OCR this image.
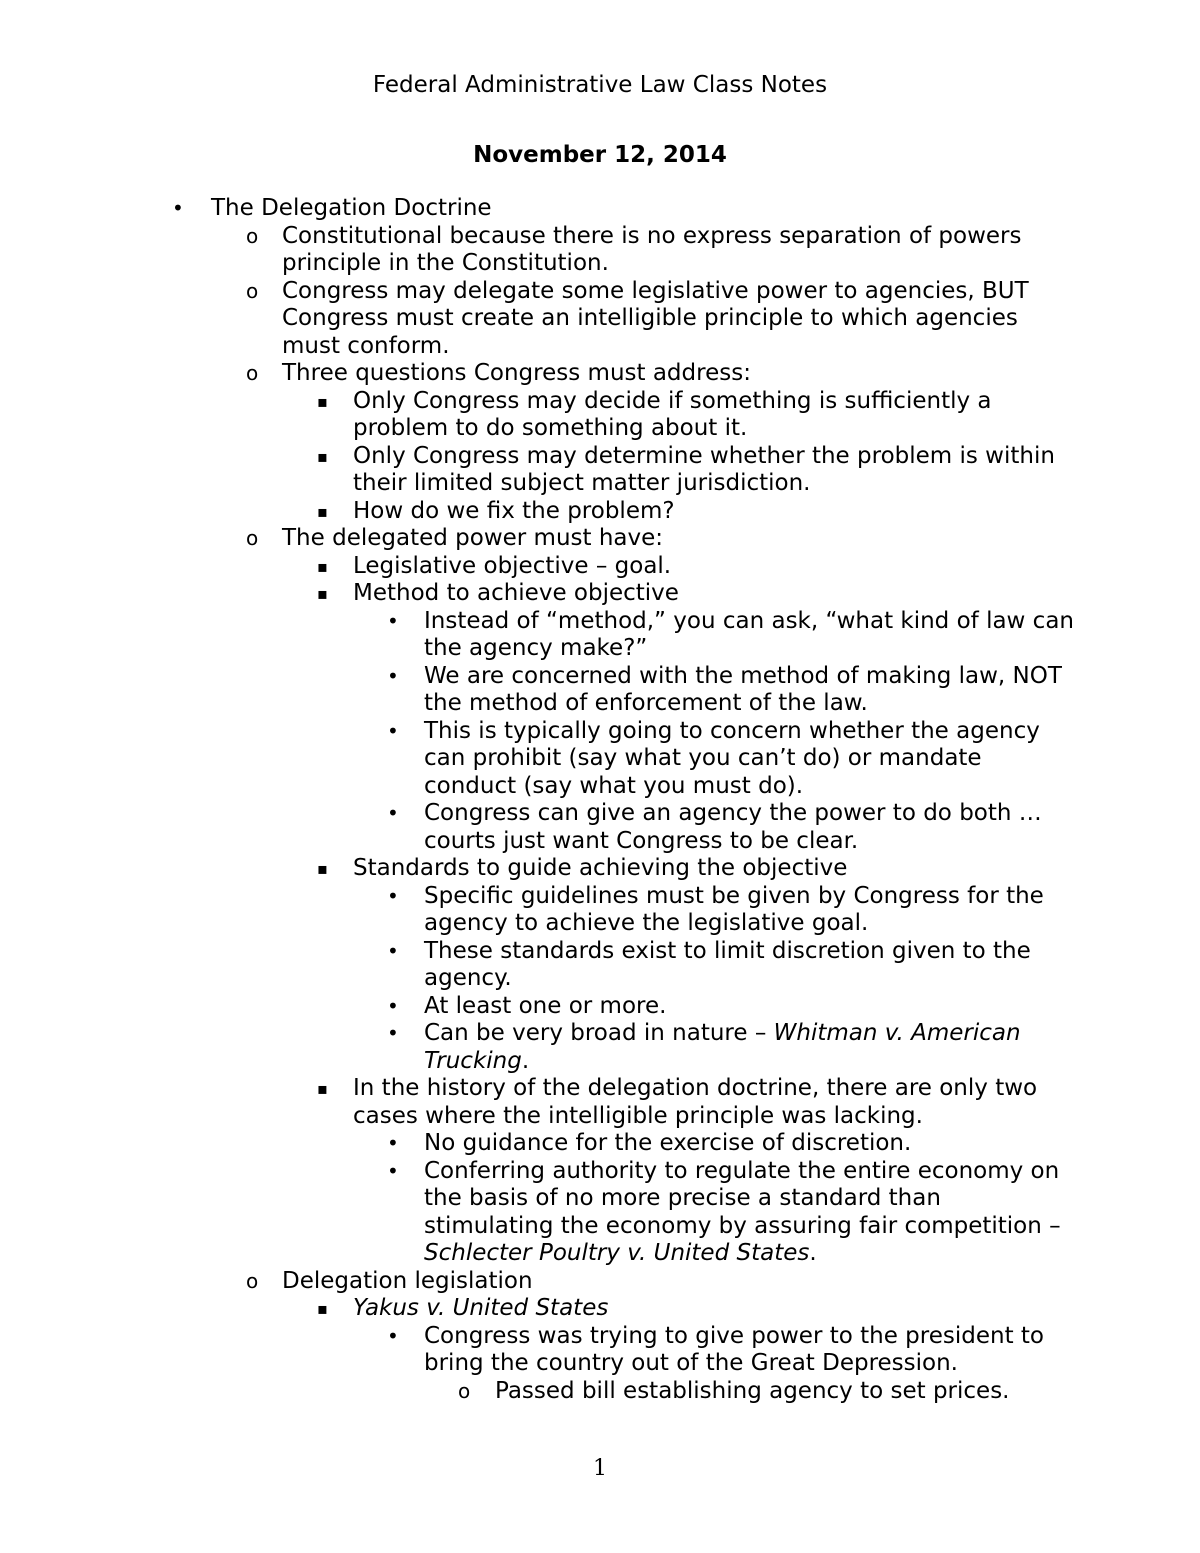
Federal Administrative Law Class Notes
November 12, 2014
•	The Delegation Doctrine
o	Constitutional because there is no express separation of powers principle in the Constitution.
o	Congress may delegate some legislative power to agencies, BUT Congress must create an intelligible principle to which agencies must conform.
o	Three questions Congress must address:
▪	Only Congress may decide if something is sufficiently a problem to do something about it.
▪	Only Congress may determine whether the problem is within their limited subject matter jurisdiction.
▪	How do we fix the problem?
o	The delegated power must have:
▪	Legislative objective – goal.
▪	Method to achieve objective
•	Instead of “method,” you can ask, “what kind of law can the agency make?”
•	We are concerned with the method of making law, NOT the method of enforcement of the law.
•	This is typically going to concern whether the agency can prohibit (say what you can’t do) or mandate conduct (say what you must do).
•	Congress can give an agency the power to do both … courts just want Congress to be clear.
▪	Standards to guide achieving the objective
•	Specific guidelines must be given by Congress for the agency to achieve the legislative goal.
•	These standards exist to limit discretion given to the agency.
•	At least one or more.
•	Can be very broad in nature – Whitman v. American Trucking.
▪	In the history of the delegation doctrine, there are only two cases where the intelligible principle was lacking.
•	No guidance for the exercise of discretion.
•	Conferring authority to regulate the entire economy on the basis of no more precise a standard than stimulating the economy by assuring fair competition – Schlecter Poultry v. United States.
o	Delegation legislation
▪	Yakus v. United States
•	Congress was trying to give power to the president to bring the country out of the Great Depression.
o	Passed bill establishing agency to set prices.
1
